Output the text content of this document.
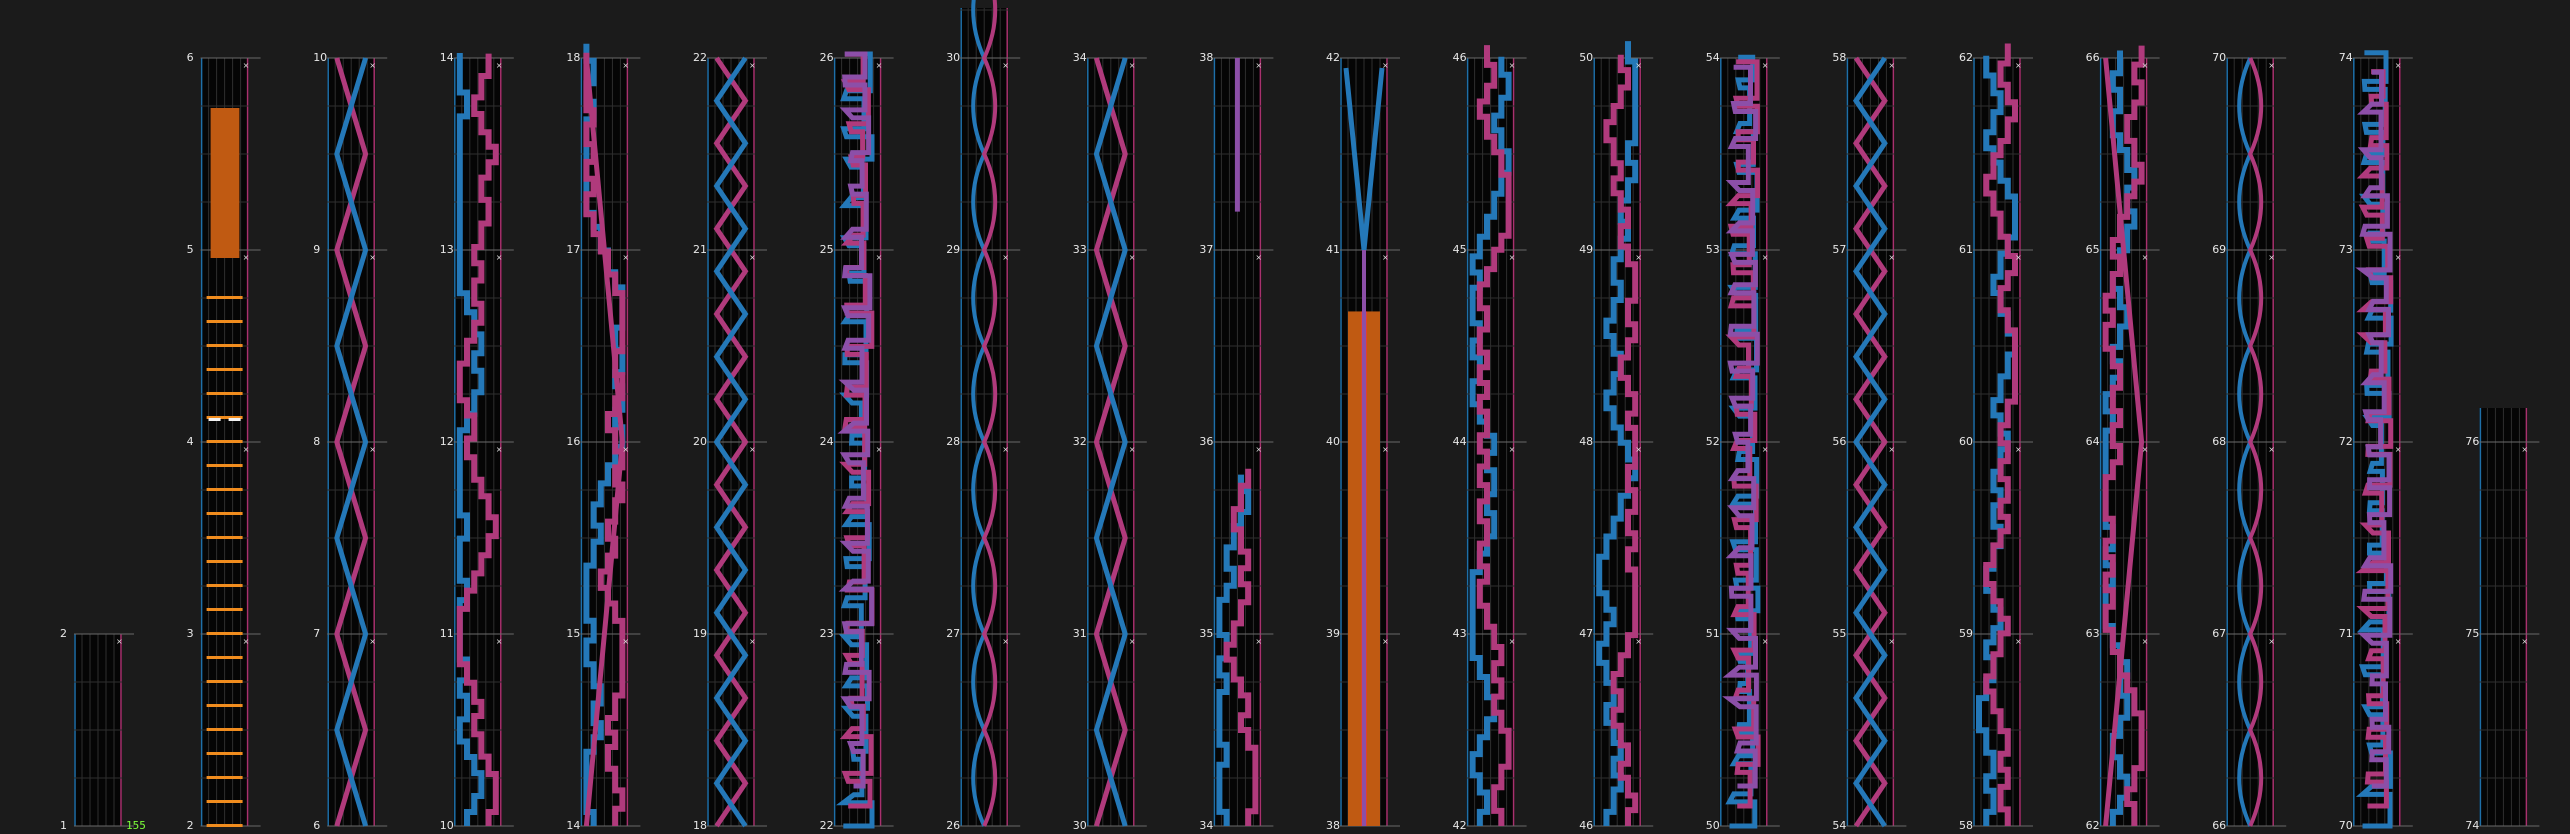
×	×
×
×
×
×
×
×
×
×
×
×
×
×
×
×
×
×
×
×
×
×
×
×
×
×
×
×
×
×
×
×
×
×
×
×
×
×
×
×
×
×
×
×
×
×
×
×
×
×
×
×
×
×
×
×
×
×
×
×
×
×
×
×
×
×
×
×
×
×
×
×
×
×
×
1
2
2
3
4
5
6
6
7
8
9
10
10
11
12
13
14
14
15
16
17
18
18
19
20
21
22
22
23
24
25
26
26
27
28
29
30
30
31
32
33
34
34
35
36
37
38
38
39
40
41
42
42
43
44
45
46
46
47
48
49
50
50
51
52
53
54
54
55
56
57
58
58
59
60
61
62
62
63
64
65
66
66
67
68
69
70
70
71
72
73
74
74
75
76
155
